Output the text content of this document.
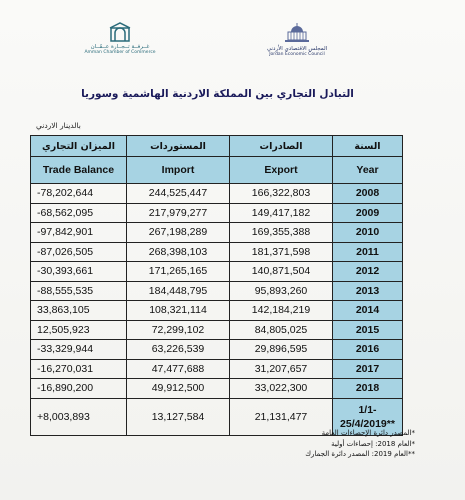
غــرفــة تــجــارة عــمّــان
Amman Chamber of Commerce
المجلس الاقتصادي الأردني
Jordan Economic Council
التبادل التجاري بين المملكة الاردنية الهاشمية وسوريا
بالدينار الاردني
الميزان التجاري	المستوردات	الصادرات	السنة
Trade Balance	Import	Export	Year
-78,202,644	244,525,447	166,322,803	2008
-68,562,095	217,979,277	149,417,182	2009
-97,842,901	267,198,289	169,355,388	2010
-87,026,505	268,398,103	181,371,598	2011
-30,393,661	171,265,165	140,871,504	2012
-88,555,535	184,448,795	95,893,260	2013
33,863,105	108,321,114	142,184,219	2014
12,505,923	72,299,102	84,805,025	2015
-33,329,944	63,226,539	29,896,595	2016
-16,270,031	47,477,688	31,207,657	2017
-16,890,200	49,912,500	33,022,300	2018
+8,003,893	13,127,584	21,131,477	1/1-
25/4/2019**
*المصدر دائرة الإحصاءات العامة
*العام 2018: إحصاءات أولية
**العام 2019: المصدر دائرة الجمارك
